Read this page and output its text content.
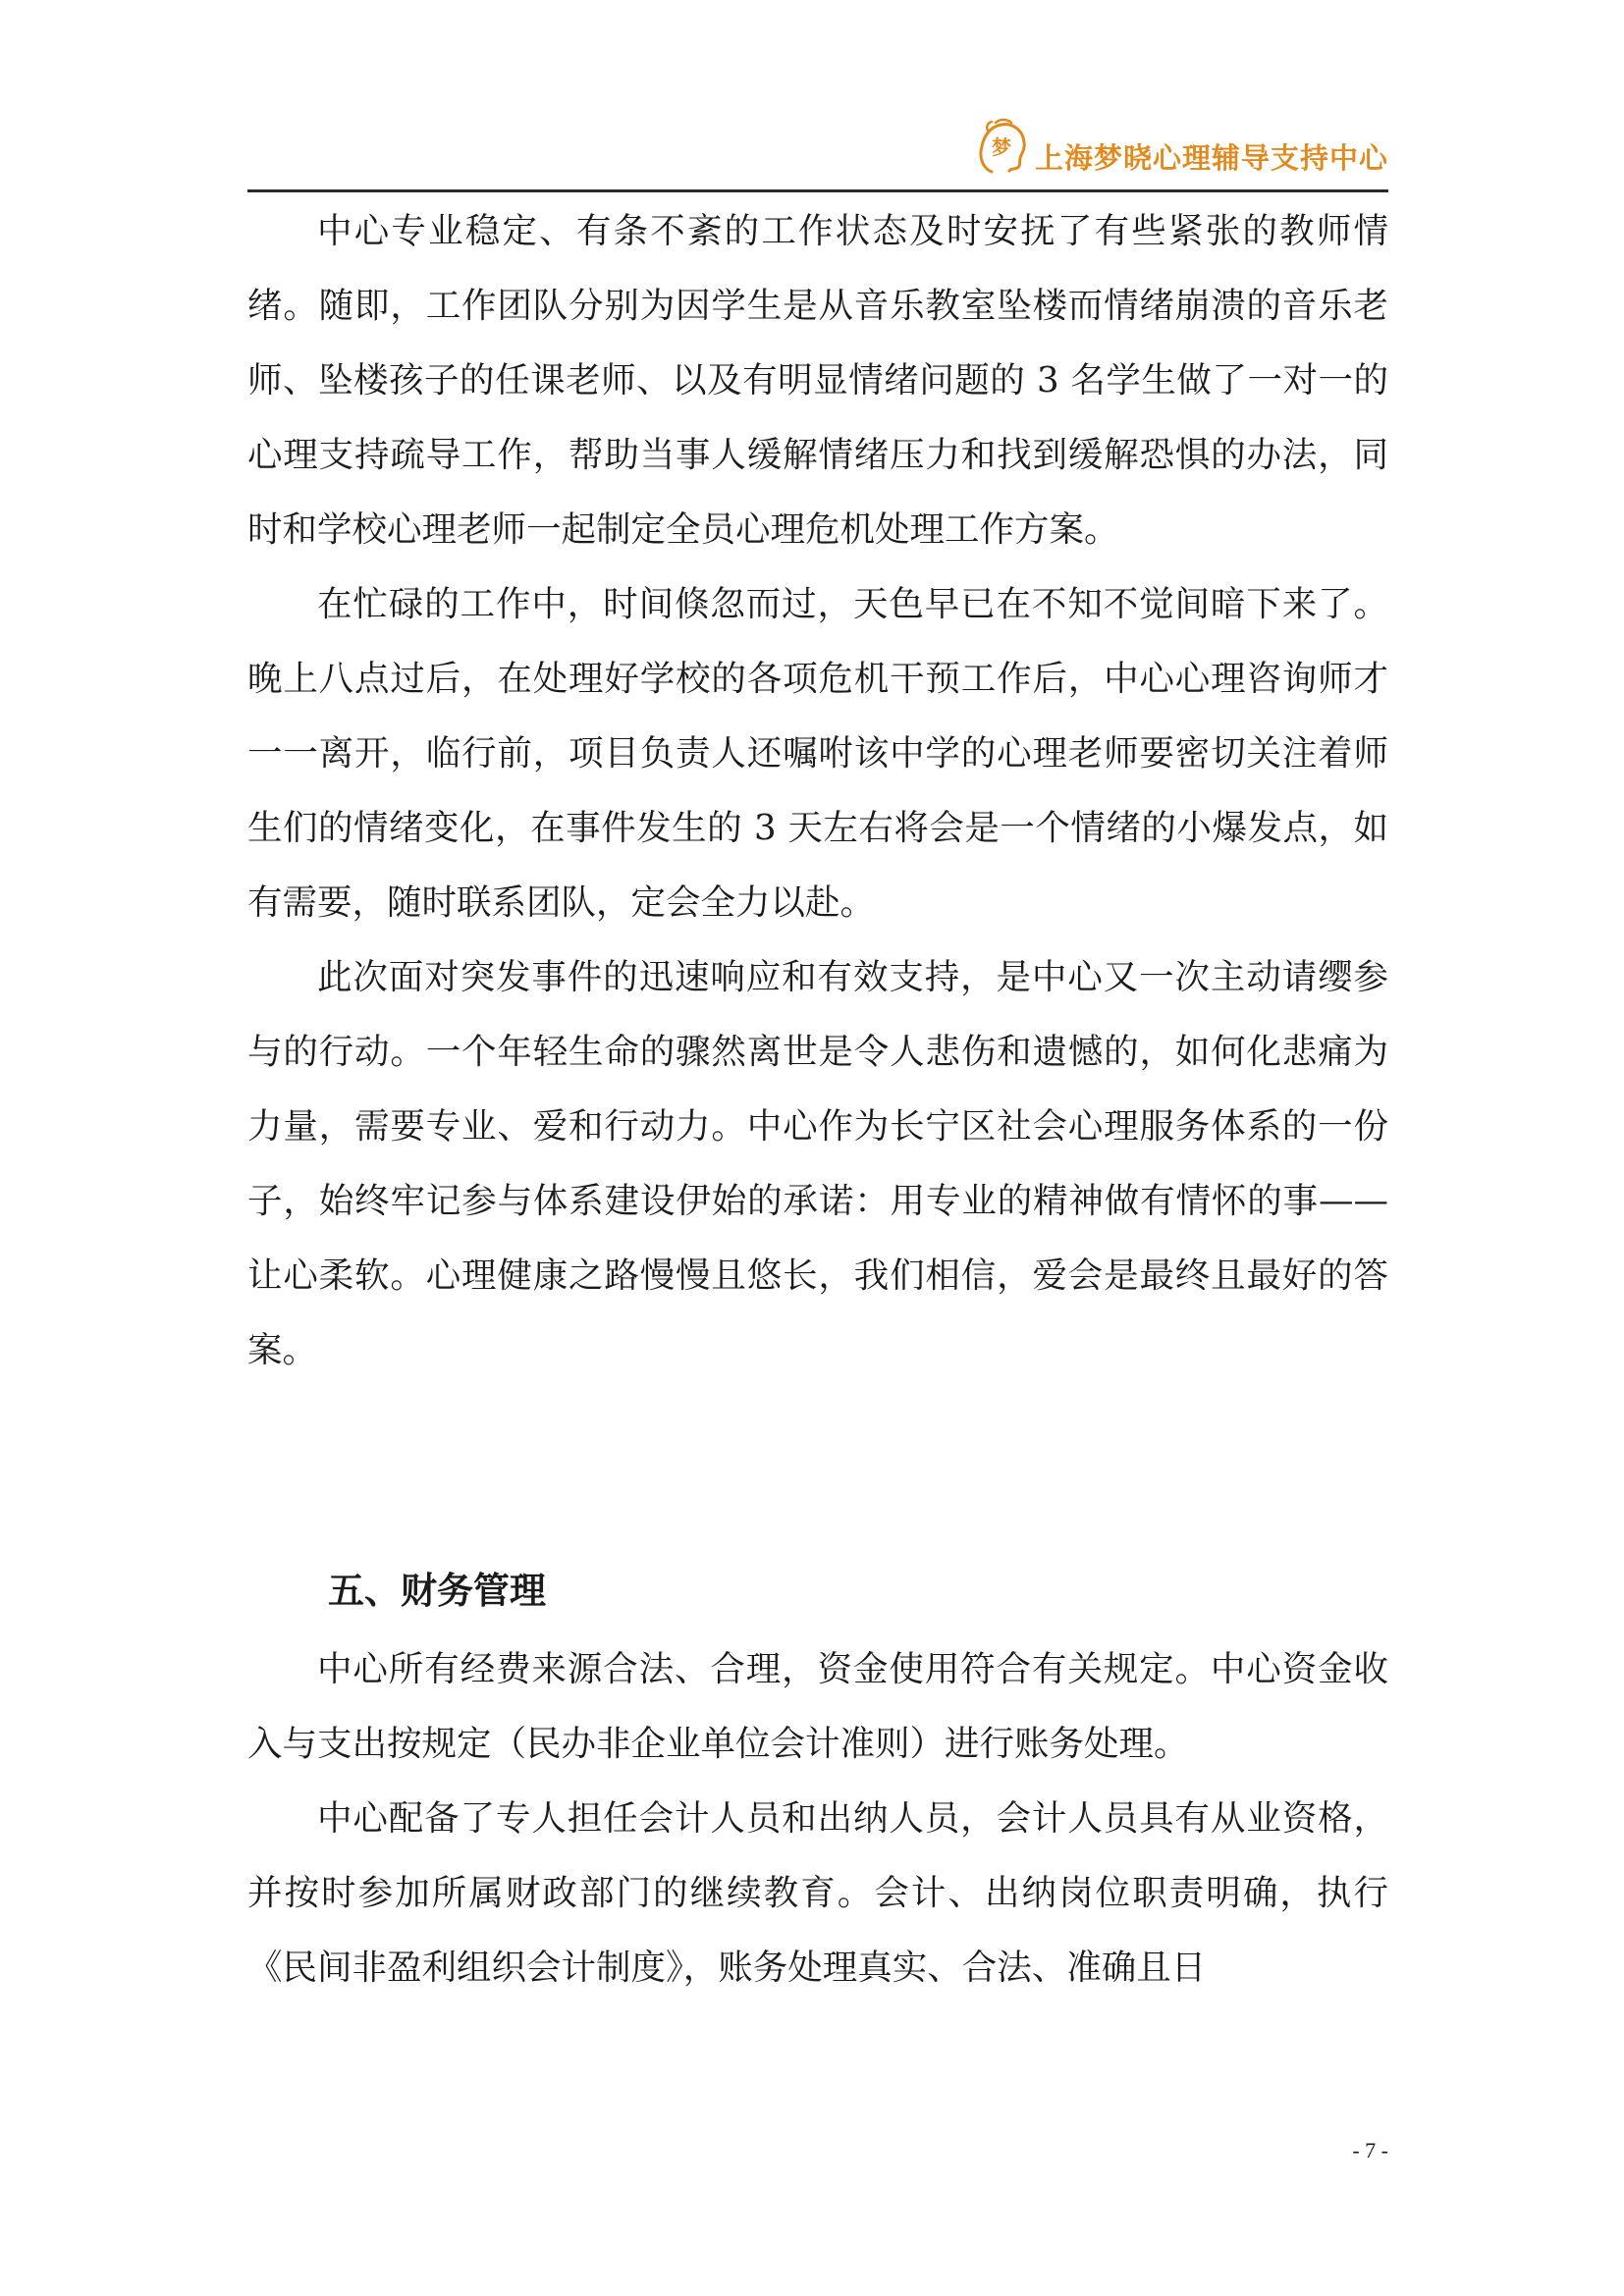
梦 上海梦晓心理辅导支持中心

中心专业稳定、有条不紊的工作状态及时安抚了有些紧张的教师情绪。随即，工作团队分别为因学生是从音乐教室坠楼而情绪崩溃的音乐老师、坠楼孩子的任课老师、以及有明显情绪问题的 3 名学生做了一对一的心理支持疏导工作，帮助当事人缓解情绪压力和找到缓解恐惧的办法，同时和学校心理老师一起制定全员心理危机处理工作方案。

在忙碌的工作中，时间倏忽而过，天色早已在不知不觉间暗下来了。晚上八点过后，在处理好学校的各项危机干预工作后，中心心理咨询师才一一离开，临行前，项目负责人还嘱咐该中学的心理老师要密切关注着师生们的情绪变化，在事件发生的 3 天左右将会是一个情绪的小爆发点，如有需要，随时联系团队，定会全力以赴。

此次面对突发事件的迅速响应和有效支持，是中心又一次主动请缨参与的行动。一个年轻生命的骤然离世是令人悲伤和遗憾的，如何化悲痛为力量，需要专业、爱和行动力。中心作为长宁区社会心理服务体系的一份子，始终牢记参与体系建设伊始的承诺：用专业的精神做有情怀的事——让心柔软。心理健康之路慢慢且悠长，我们相信，爱会是最终且最好的答案。

五、财务管理

中心所有经费来源合法、合理，资金使用符合有关规定。中心资金收入与支出按规定（民办非企业单位会计准则）进行账务处理。

中心配备了专人担任会计人员和出纳人员，会计人员具有从业资格，并按时参加所属财政部门的继续教育。会计、出纳岗位职责明确，执行《民间非盈利组织会计制度》，账务处理真实、合法、准确且日

- 7 -
